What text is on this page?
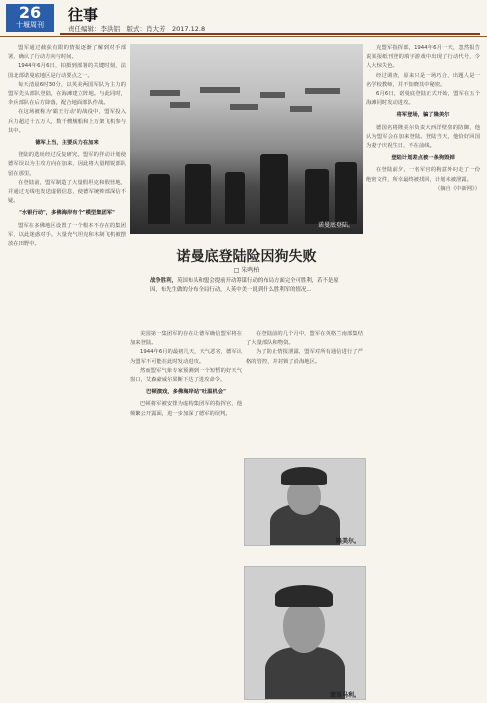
26
十堰周刊
往事
责任编辑：李洪铝　版式：肖大芳　2017.12.8

盟军通过截获有限的情报逐渐了解到对手部署，确认了行动方向与时间。

1944年6月6日，拍摄到部署的关键时刻，法国北部诺曼底地区是行动要点之一。

每天清晨6时30分，以英美两国军队为主力的盟军先头部队登陆，在海滩建立阵地。与此同时，伞兵部队在后方降落，配合地面部队作战。

在这场被称为'霸王行动'的战役中，盟军投入兵力超过十五万人，数千艘舰船和上万架飞机参与其中。

德军上当，主要兵力在加来

登陆的选址经过反复研究。盟军的佯动计划使德军误以为主攻方向在加来，因此将大量精锐部队留在那里。

在登陆前，盟军制造了大量假坦克和假营地，并通过无线电发送虚假信息，使德军统帅部深信不疑。

"水银行动"，多佛海岸有个"模型集团军"

盟军在多佛地区设置了一个根本不存在的集团军，以此迷惑对手。大量充气坦克和木制飞机被摆放在田野中。

诺曼底登陆。
诺曼底登陆险因狗失败
□ 朱鸣柏
战争胜利，英国布头和盟会提前开动筹谋行动的布局方面完全可胜利，若不是原因，布先生做的分布全局行动，人英中美一说到什么胜利军的情况...

美国第一集团军的存在让德军确信盟军将在加来登陆。

1944年6月的最初几天，天气恶劣，德军认为盟军不可能在此时发动进攻。

然而盟军气象专家预测到一个短暂的好天气窗口，艾森豪威尔果断下达了进攻命令。

巴顿演戏，多佛海岸站"吐温机会"

巴顿将军被安排为虚构集团军的指挥官，他频繁公开露面，进一步加深了德军的误判。

在登陆前的几个月中，盟军在英格兰南部集结了大量部队和物资。

为了防止情报泄露，盟军对所有通信进行了严格的管控，并封锁了沿海地区。

隆美尔。
蒙哥马利。

克盟军指挥部，1944年6月一天，忽然报告说某报纸刊登的填字游戏中出现了行动代号，令人大惊失色。

经过调查，原来只是一场巧合，出题人是一名学校教师，并不知晓其中秘密。

6月6日，诺曼底登陆正式开始，盟军在五个海滩同时发动进攻。

将军登场，骗了隆美尔

德国名将隆美尔负责大西洋壁垒的防御，他认为盟军会在加来登陆。登陆当天，他恰好回国为妻子庆祝生日，不在前线。

登陆计划差点被一条狗毁掉

在登陆前夕，一名军官的狗意外叼走了一份绝密文件，所幸最终被找回，计划未被泄露。

（摘自《中新网》）
